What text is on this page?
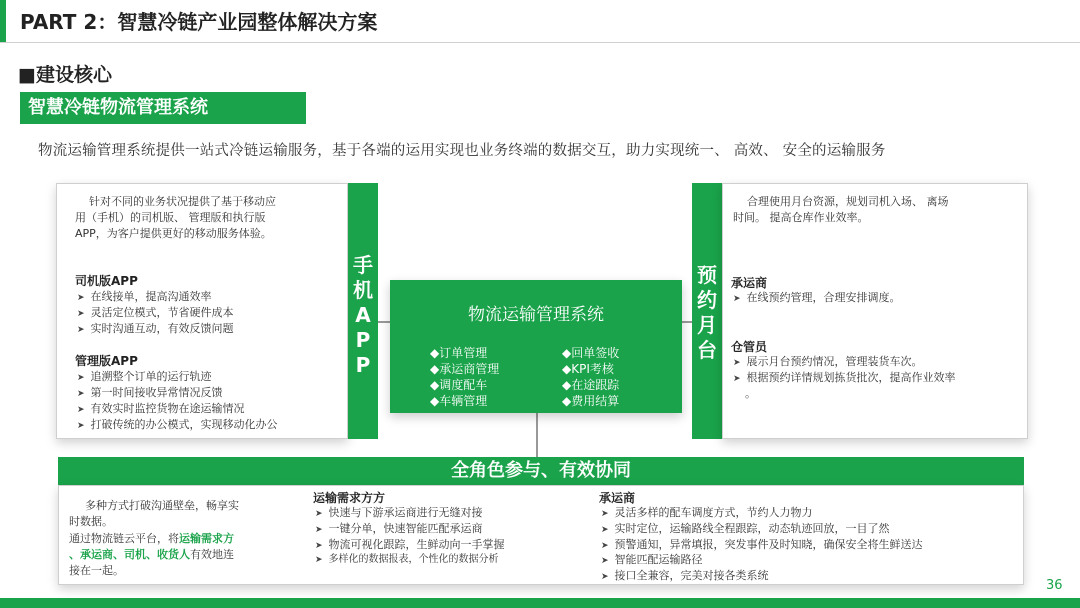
PART 2：智慧冷链产业园整体解决方案
■建设核心
智慧冷链物流管理系统
物流运输管理系统提供一站式冷链运输服务，基于各端的运用实现也业务终端的数据交互，助力实现统一、 高效、 安全的运输服务
针对不同的业务状况提供了基于移动应
用（手机）的司机版、 管理版和执行版
APP，为客户提供更好的移动服务体验。
司机版APP
➤ 在线接单，提高沟通效率
➤ 灵活定位模式，节省硬件成本
➤ 实时沟通互动，有效反馈问题
管理版APP
➤ 追溯整个订单的运行轨迹
➤ 第一时间接收异常情况反馈
➤ 有效实时监控货物在途运输情况
➤ 打破传统的办公模式，实现移动化办公
手
机
A
P
P
物流运输管理系统
◆订单管理
◆承运商管理
◆调度配车
◆车辆管理
◆回单签收
◆KPI考核
◆在途跟踪
◆费用结算
预
约
月
台
合理使用月台资源，规划司机入场、 离场
时间。 提高仓库作业效率。
承运商
➤ 在线预约管理，合理安排调度。
仓管员
➤ 展示月台预约情况，管理装货车次。
➤ 根据预约详情规划拣货批次，提高作业效率
。
全角色参与、有效协同
多种方式打破沟通壁垒，畅享实
时数据。
通过物流链云平台，将运输需求方
、承运商、司机、收货人有效地连
接在一起。
运输需求方方
➤ 快速与下游承运商进行无缝对接
➤ 一键分单，快速智能匹配承运商
➤ 物流可视化跟踪，生鲜动向一手掌握
➤ 多样化的数据报表，个性化的数据分析
承运商
➤ 灵活多样的配车调度方式，节约人力物力
➤ 实时定位，运输路线全程跟踪，动态轨迹回放，一目了然
➤ 预警通知，异常填报，突发事件及时知晓，确保安全将生鲜送达
➤ 智能匹配运输路径
➤ 接口全兼容，完美对接各类系统
36
